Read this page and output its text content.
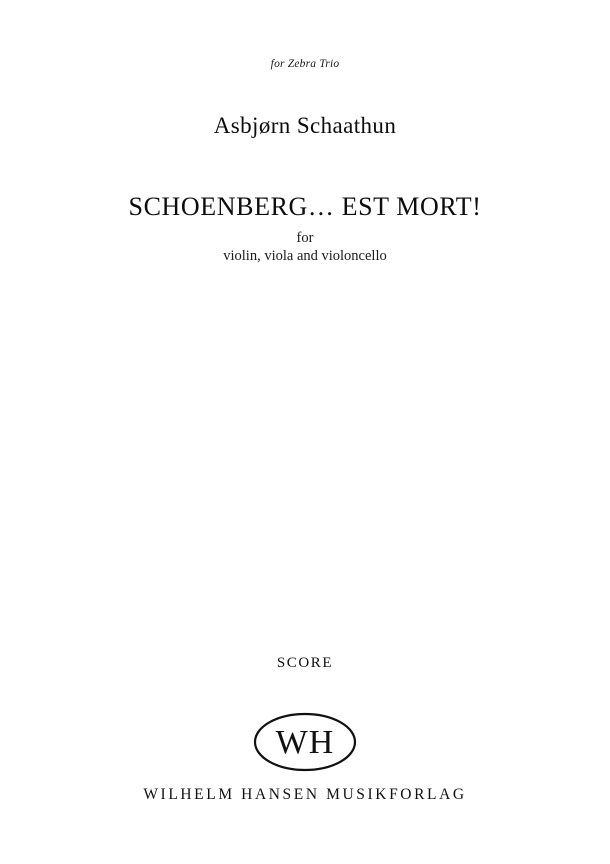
for Zebra Trio
Asbjørn Schaathun
SCHOENBERG… EST MORT!
for
violin, viola and violoncello
SCORE
WH
WILHELM HANSEN MUSIKFORLAG
